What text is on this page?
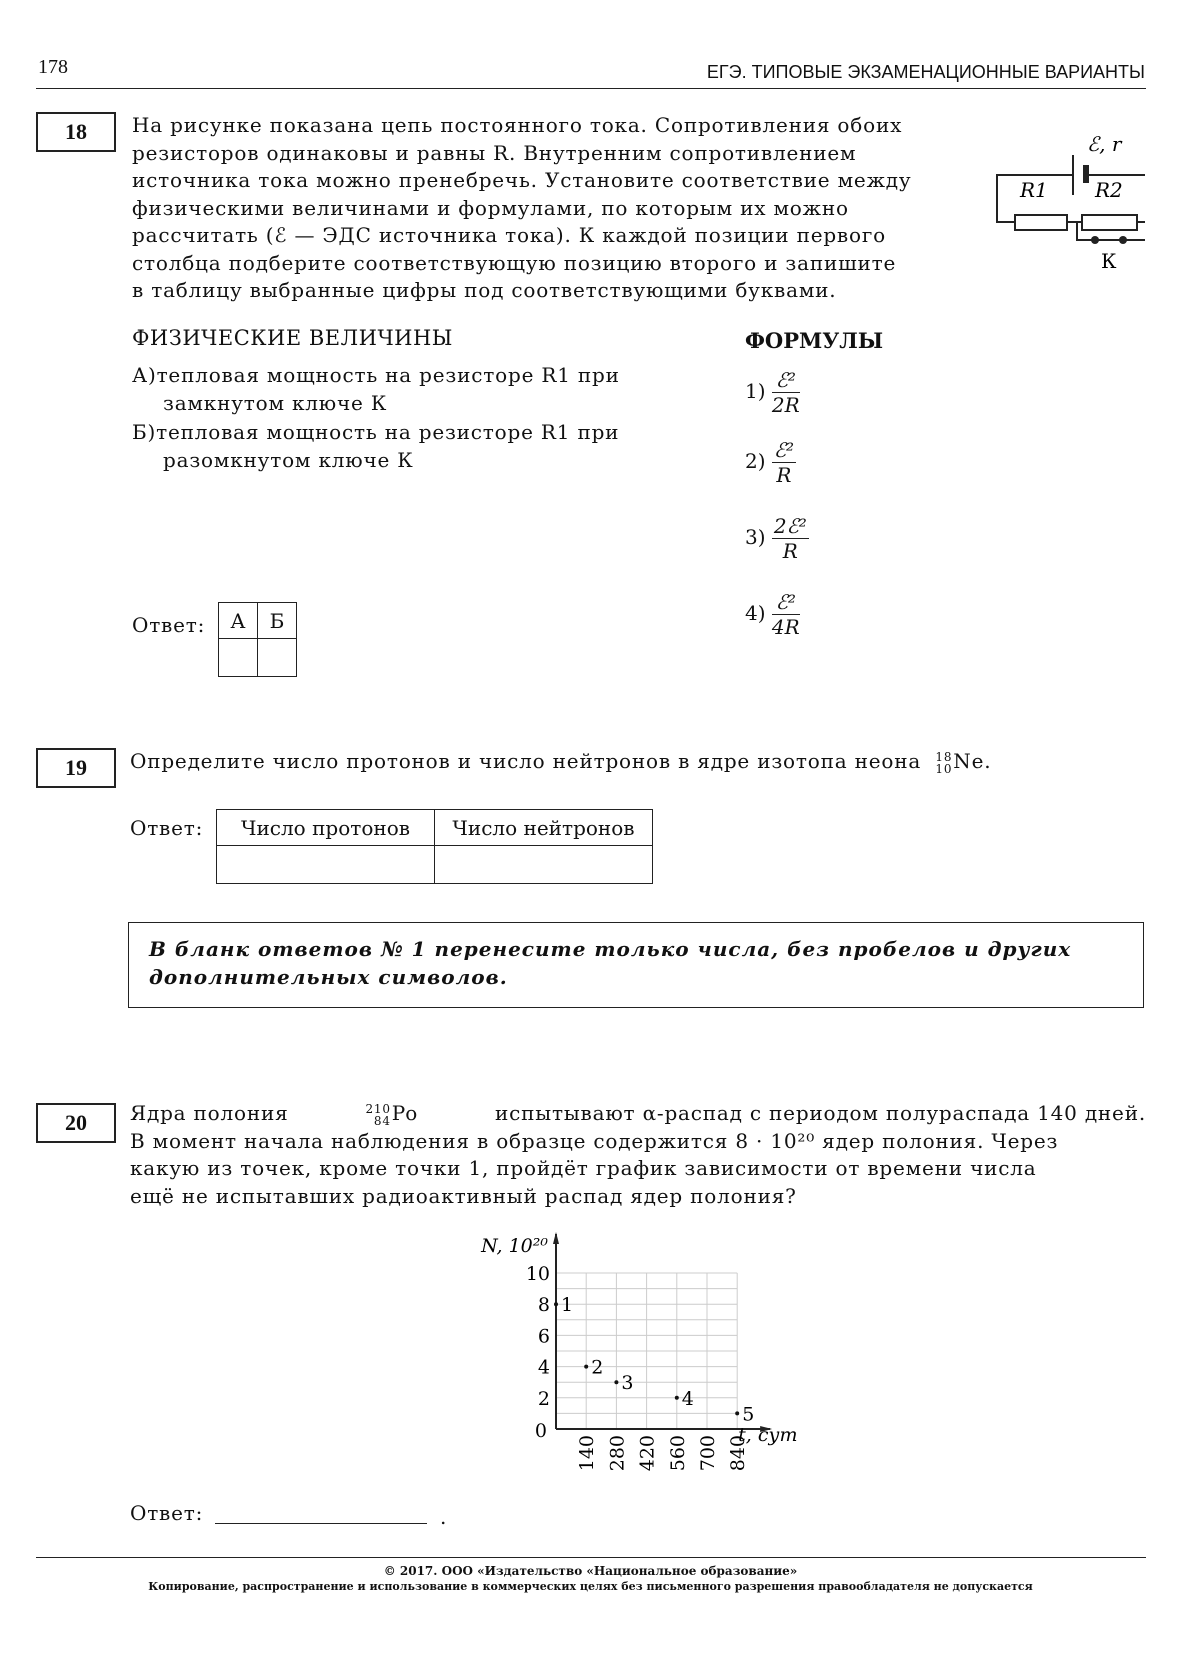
178	ЕГЭ. ТИПОВЫЕ ЭКЗАМЕНАЦИОННЫЕ ВАРИАНТЫ
18	На рисунке показана цепь постоянного тока. Сопротивления обоих
резисторов одинаковы и равны R. Внутренним сопротивлением
источника тока можно пренебречь. Установите соответствие между
физическими величинами и формулами, по которым их можно
рассчитать (ℰ — ЭДС источника тока). К каждой позиции первого
столбца подберите соответствующую позицию второго и запишите
в таблицу выбранные цифры под соответствующими буквами.
ℰ, r
R1 R2
К
ФИЗИЧЕСКИЕ ВЕЛИЧИНЫ	ФОРМУЛЫ
А)тепловая мощность на резисторе R1 при
замкнутом ключе К
Б)тепловая мощность на резисторе R1 при
разомкнутом ключе К
$1) \frac{\text{ℰ²}}{2R}$
$2) \frac{\text{ℰ²}}{R}$
$3) \frac{\text{2ℰ²}}{R}$
$4) \frac{\text{ℰ²}}{4R}$
Ответ: А	Б

19	Определите число протонов и число нейтронов в ядре изотопа неона 18
10 Ne.
Ответ: Число протонов	Число нейтронов

В бланк ответов № 1 перенесите только числа, без пробелов и других
дополнительных символов.
20	Ядра полония	210
84 Po	испытывают α-распад с периодом полураспада 140 дней.
В момент начала наблюдения в образце содержится 8 · 10²⁰ ядер полония. Через
какую из точек, кроме точки 1, пройдёт график зависимости от времени числа
ещё не испытавших радиоактивный распад ядер полония?
N, 10²⁰
0
2
4
6
8
10
140 280 420 560 700 840
t, сут
1
2
3
4
5
Ответ:	.
© 2017. ООО «Издательство «Национальное образование»
Копирование, распространение и использование в коммерческих целях без письменного разрешения правообладателя не допускается
